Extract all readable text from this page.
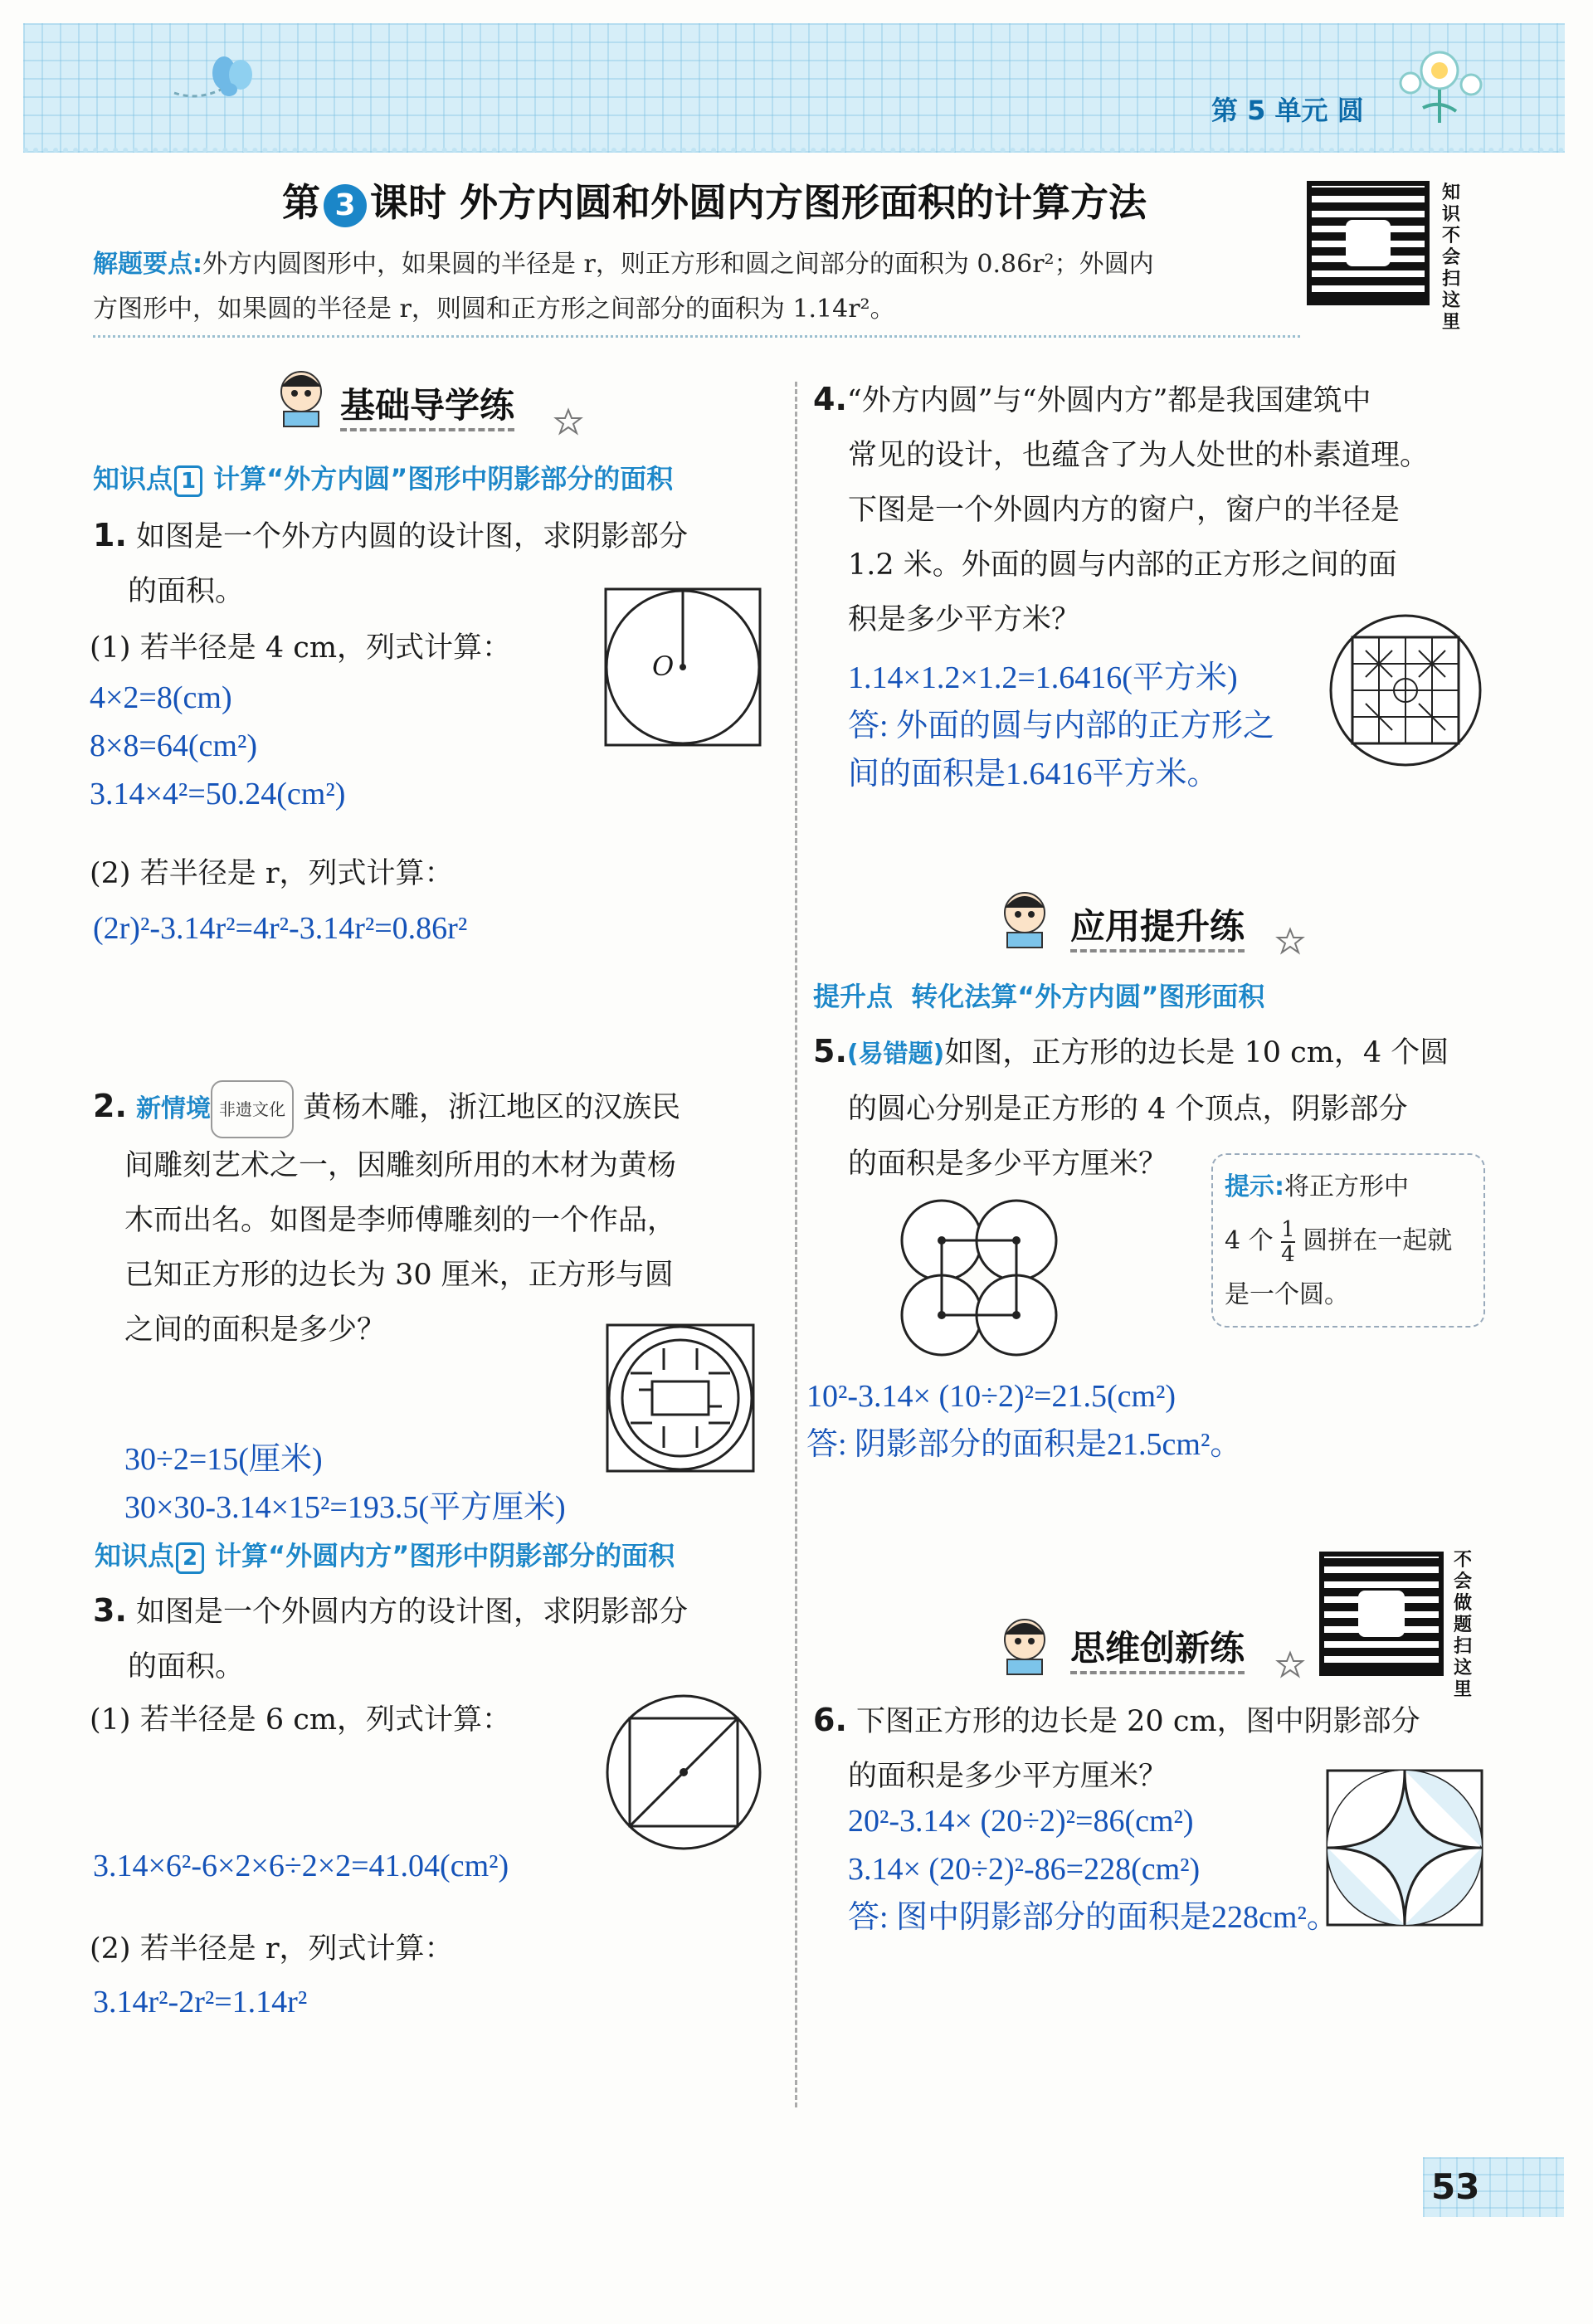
第 5 单元 圆
第 3 课时 外方内圆和外圆内方图形面积的计算方法	知识不会扫这里
解题要点:外方内圆图形中，如果圆的半径是 r，则正方形和圆之间部分的面积为 0.86r²；外圆内
方图形中，如果圆的半径是 r，则圆和正方形之间部分的面积为 1.14r²。
基础导学练
知识点 1 计算“外方内圆”图形中阴影部分的面积
1. 如图是一个外方内圆的设计图，求阴影部分
的面积。
(1) 若半径是 4 cm，列式计算：
O
4×2=8(cm)
8×8=64(cm²)
3.14×4²=50.24(cm²)
(2) 若半径是 r，列式计算：
(2r)²-3.14r²=4r²-3.14r²=0.86r²
2. 新情境 非遗文化 黄杨木雕，浙江地区的汉族民
间雕刻艺术之一，因雕刻所用的木材为黄杨
木而出名。如图是李师傅雕刻的一个作品，
已知正方形的边长为 30 厘米，正方形与圆
之间的面积是多少？
30÷2=15(厘米)
30×30-3.14×15²=193.5(平方厘米)
知识点 2 计算“外圆内方”图形中阴影部分的面积
3. 如图是一个外圆内方的设计图，求阴影部分
的面积。
(1) 若半径是 6 cm，列式计算：
3.14×6²-6×2×6÷2×2=41.04(cm²)
(2) 若半径是 r，列式计算：
3.14r²-2r²=1.14r²
4.“外方内圆”与“外圆内方”都是我国建筑中
常见的设计，也蕴含了为人处世的朴素道理。
下图是一个外圆内方的窗户，窗户的半径是
1.2 米。外面的圆与内部的正方形之间的面
积是多少平方米？
1.14×1.2×1.2=1.6416(平方米)
答: 外面的圆与内部的正方形之
间的面积是1.6416平方米。
应用提升练
提升点 转化法算“外方内圆”图形面积
5.(易错题)如图，正方形的边长是 10 cm，4 个圆
的圆心分别是正方形的 4 个顶点，阴影部分
的面积是多少平方厘米？
提示:将正方形中
4 个 $\frac{1}{4}$ 圆拼在一起就
是一个圆。
10²-3.14× (10÷2)²=21.5(cm²)
答: 阴影部分的面积是21.5cm²。
不会做题扫这里
思维创新练
6. 下图正方形的边长是 20 cm，图中阴影部分
的面积是多少平方厘米？
20²-3.14× (20÷2)²=86(cm²)
3.14× (20÷2)²-86=228(cm²)
答: 图中阴影部分的面积是228cm²。
53
